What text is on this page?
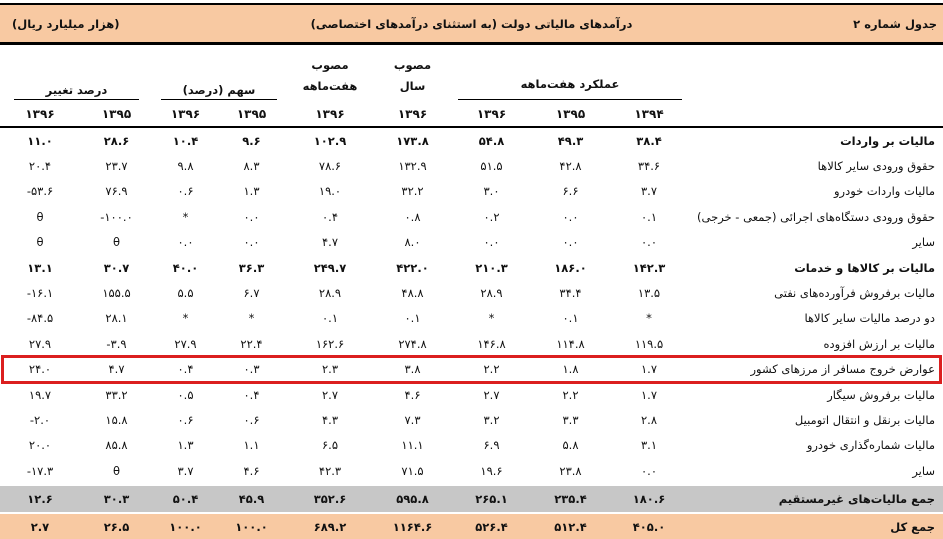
جدول شماره ۲
درآمدهای مالیاتی دولت (به استثنای درآمدهای اختصاصی)
(هزار میلیارد ریال)
مصوب
مصوب
عملکرد هفت‌ماهه
سال
هفت‌ماهه
سهم (درصد)
درصد تغییر
۱۳۹۴
۱۳۹۵
۱۳۹۶
۱۳۹۶
۱۳۹۶
۱۳۹۵
۱۳۹۶
۱۳۹۵
۱۳۹۶
مالیات بر واردات
۳۸.۴
۴۹.۳
۵۴.۸
۱۷۳.۸
۱۰۲.۹
۹.۶
۱۰.۴
۲۸.۶
۱۱.۰
حقوق ورودی سایر کالاها
۳۴.۶
۴۲.۸
۵۱.۵
۱۳۲.۹
۷۸.۶
۸.۳
۹.۸
۲۳.۷
۲۰.۴
مالیات واردات خودرو
۳.۷
۶.۶
۳.۰
۳۲.۲
۱۹.۰
۱.۳
۰.۶
۷۶.۹
-۵۳.۶
حقوق ورودی دستگاه‌های اجرائی (جمعی - خرجی)
۰.۱
۰.۰
۰.۲
۰.۸
۰.۴
۰.۰
*
-۱۰۰.۰
θ
سایر
۰.۰
۰.۰
۰.۰
۸.۰
۴.۷
۰.۰
۰.۰
θ
θ
مالیات بر کالاها و خدمات
۱۴۲.۳
۱۸۶.۰
۲۱۰.۳
۴۲۲.۰
۲۴۹.۷
۳۶.۳
۴۰.۰
۳۰.۷
۱۳.۱
مالیات برفروش فرآورده‌های نفتی
۱۳.۵
۳۴.۴
۲۸.۹
۴۸.۸
۲۸.۹
۶.۷
۵.۵
۱۵۵.۵
-۱۶.۱
دو درصد مالیات سایر کالاها
*
۰.۱
*
۰.۱
۰.۱
*
*
۲۸.۱
-۸۴.۵
مالیات بر ارزش افزوده
۱۱۹.۵
۱۱۴.۸
۱۴۶.۸
۲۷۴.۸
۱۶۲.۶
۲۲.۴
۲۷.۹
-۳.۹
۲۷.۹
عوارض خروج مسافر از مرزهای کشور
۱.۷
۱.۸
۲.۲
۳.۸
۲.۳
۰.۳
۰.۴
۴.۷
۲۴.۰
مالیات برفروش سیگار
۱.۷
۲.۲
۲.۷
۴.۶
۲.۷
۰.۴
۰.۵
۳۳.۲
۱۹.۷
مالیات برنقل و انتقال اتومبیل
۲.۸
۳.۳
۳.۲
۷.۳
۴.۳
۰.۶
۰.۶
۱۵.۸
-۲.۰
مالیات شماره‌گذاری خودرو
۳.۱
۵.۸
۶.۹
۱۱.۱
۶.۵
۱.۱
۱.۳
۸۵.۸
۲۰.۰
سایر
۰.۰
۲۳.۸
۱۹.۶
۷۱.۵
۴۲.۳
۴.۶
۳.۷
θ
-۱۷.۳
جمع مالیات‌های غیرمستقیم
۱۸۰.۶
۲۳۵.۴
۲۶۵.۱
۵۹۵.۸
۳۵۲.۶
۴۵.۹
۵۰.۴
۳۰.۳
۱۲.۶
جمع کل
۴۰۵.۰
۵۱۲.۴
۵۲۶.۴
۱۱۶۴.۶
۶۸۹.۲
۱۰۰.۰
۱۰۰.۰
۲۶.۵
۲.۷
